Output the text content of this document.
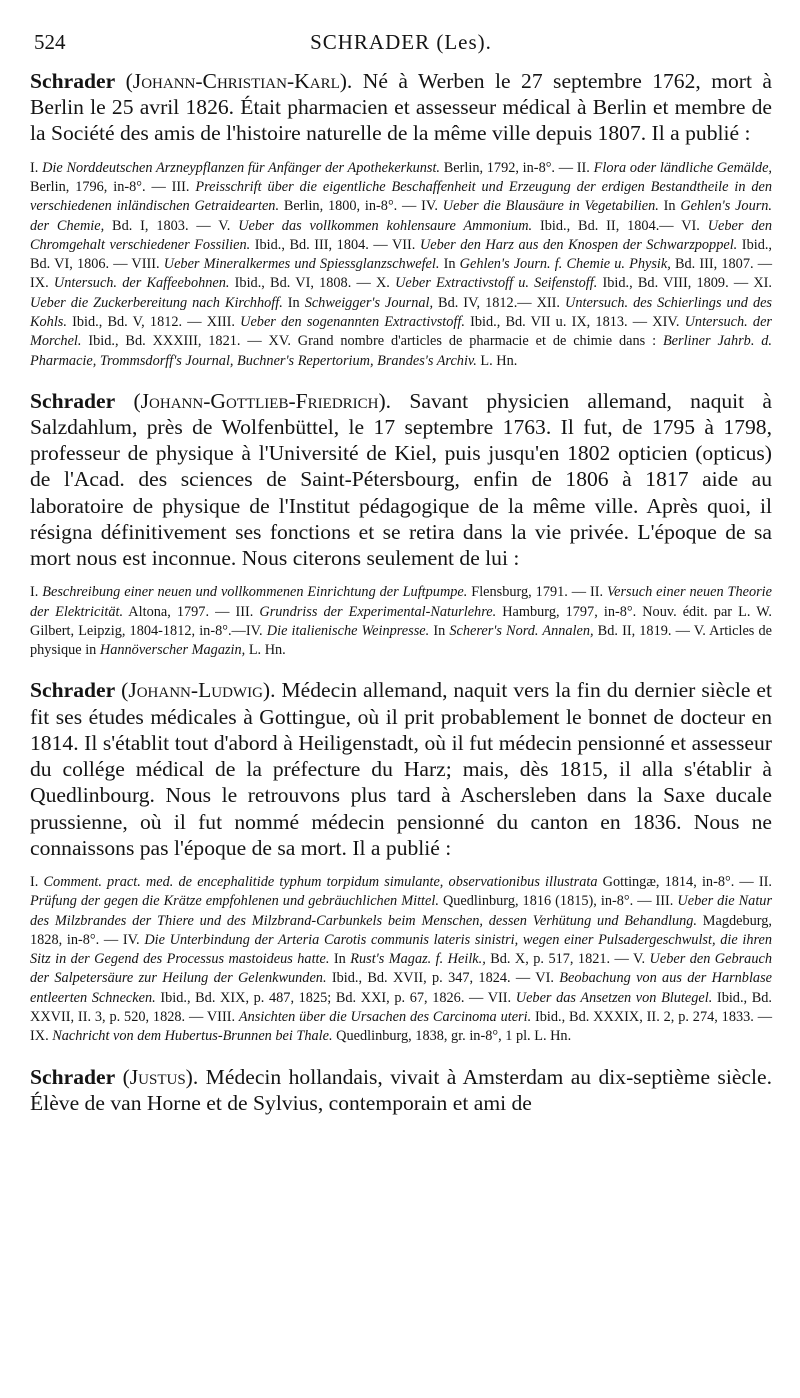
524	SCHRADER (Les).

Schrader (Johann-Christian-Karl). Né à Werben le 27 septembre 1762, mort à Berlin le 25 avril 1826. Était pharmacien et assesseur médical à Berlin et membre de la Société des amis de l'histoire naturelle de la même ville depuis 1807. Il a publié :

I. Die Norddeutschen Arzneypflanzen für Anfänger der Apothekerkunst. Berlin, 1792, in-8°. — II. Flora oder ländliche Gemälde, Berlin, 1796, in-8°. — III. Preisschrift über die eigentliche Beschaffenheit und Erzeugung der erdigen Bestandtheile in den verschiedenen inländischen Getraidearten. Berlin, 1800, in-8°. — IV. Ueber die Blausäure in Vegetabilien. In Gehlen's Journ. der Chemie, Bd. I, 1803. — V. Ueber das vollkommen kohlensaure Ammonium. Ibid., Bd. II, 1804.— VI. Ueber den Chromgehalt verschiedener Fossilien. Ibid., Bd. III, 1804. — VII. Ueber den Harz aus den Knospen der Schwarzpoppel. Ibid., Bd. VI, 1806. — VIII. Ueber Mineralkermes und Spiessglanzschwefel. In Gehlen's Journ. f. Chemie u. Physik, Bd. III, 1807. — IX. Untersuch. der Kaffeebohnen. Ibid., Bd. VI, 1808. — X. Ueber Extractivstoff u. Seifenstoff. Ibid., Bd. VIII, 1809. — XI. Ueber die Zuckerbereitung nach Kirchhoff. In Schweigger's Journal, Bd. IV, 1812.— XII. Untersuch. des Schierlings und des Kohls. Ibid., Bd. V, 1812. — XIII. Ueber den sogenannten Extractivstoff. Ibid., Bd. VII u. IX, 1813. — XIV. Untersuch. der Morchel. Ibid., Bd. XXXIII, 1821. — XV. Grand nombre d'articles de pharmacie et de chimie dans : Berliner Jahrb. d. Pharmacie, Trommsdorff's Journal, Buchner's Repertorium, Brandes's Archiv. L. Hn.

Schrader (Johann-Gottlieb-Friedrich). Savant physicien allemand, naquit à Salzdahlum, près de Wolfenbüttel, le 17 septembre 1763. Il fut, de 1795 à 1798, professeur de physique à l'Université de Kiel, puis jusqu'en 1802 opticien (opticus) de l'Acad. des sciences de Saint-Pétersbourg, enfin de 1806 à 1817 aide au laboratoire de physique de l'Institut pédagogique de la même ville. Après quoi, il résigna définitivement ses fonctions et se retira dans la vie privée. L'époque de sa mort nous est inconnue. Nous citerons seulement de lui :

I. Beschreibung einer neuen und vollkommenen Einrichtung der Luftpumpe. Flensburg, 1791. — II. Versuch einer neuen Theorie der Elektricität. Altona, 1797. — III. Grundriss der Experimental-Naturlehre. Hamburg, 1797, in-8°. Nouv. édit. par L. W. Gilbert, Leipzig, 1804-1812, in-8°.—IV. Die italienische Weinpresse. In Scherer's Nord. Annalen, Bd. II, 1819. — V. Articles de physique in Hannöverscher Magazin, L. Hn.

Schrader (Johann-Ludwig). Médecin allemand, naquit vers la fin du dernier siècle et fit ses études médicales à Gottingue, où il prit probablement le bonnet de docteur en 1814. Il s'établit tout d'abord à Heiligenstadt, où il fut médecin pensionné et assesseur du collége médical de la préfecture du Harz; mais, dès 1815, il alla s'établir à Quedlinbourg. Nous le retrouvons plus tard à Aschersleben dans la Saxe ducale prussienne, où il fut nommé médecin pensionné du canton en 1836. Nous ne connaissons pas l'époque de sa mort. Il a publié :

I. Comment. pract. med. de encephalitide typhum torpidum simulante, observationibus illustrata Gottingæ, 1814, in-8°. — II. Prüfung der gegen die Krätze empfohlenen und gebräuchlichen Mittel. Quedlinburg, 1816 (1815), in-8°. — III. Ueber die Natur des Milzbrandes der Thiere und des Milzbrand-Carbunkels beim Menschen, dessen Verhütung und Behandlung. Magdeburg, 1828, in-8°. — IV. Die Unterbindung der Arteria Carotis communis lateris sinistri, wegen einer Pulsadergeschwulst, die ihren Sitz in der Gegend des Processus mastoideus hatte. In Rust's Magaz. f. Heilk., Bd. X, p. 517, 1821. — V. Ueber den Gebrauch der Salpetersäure zur Heilung der Gelenkwunden. Ibid., Bd. XVII, p. 347, 1824. — VI. Beobachung von aus der Harnblase entleerten Schnecken. Ibid., Bd. XIX, p. 487, 1825; Bd. XXI, p. 67, 1826. — VII. Ueber das Ansetzen von Blutegel. Ibid., Bd. XXVII, II. 3, p. 520, 1828. — VIII. Ansichten über die Ursachen des Carcinoma uteri. Ibid., Bd. XXXIX, II. 2, p. 274, 1833. — IX. Nachricht von dem Hubertus-Brunnen bei Thale. Quedlinburg, 1838, gr. in-8°, 1 pl. L. Hn.

Schrader (Justus). Médecin hollandais, vivait à Amsterdam au dix-septième siècle. Élève de van Horne et de Sylvius, contemporain et ami de
